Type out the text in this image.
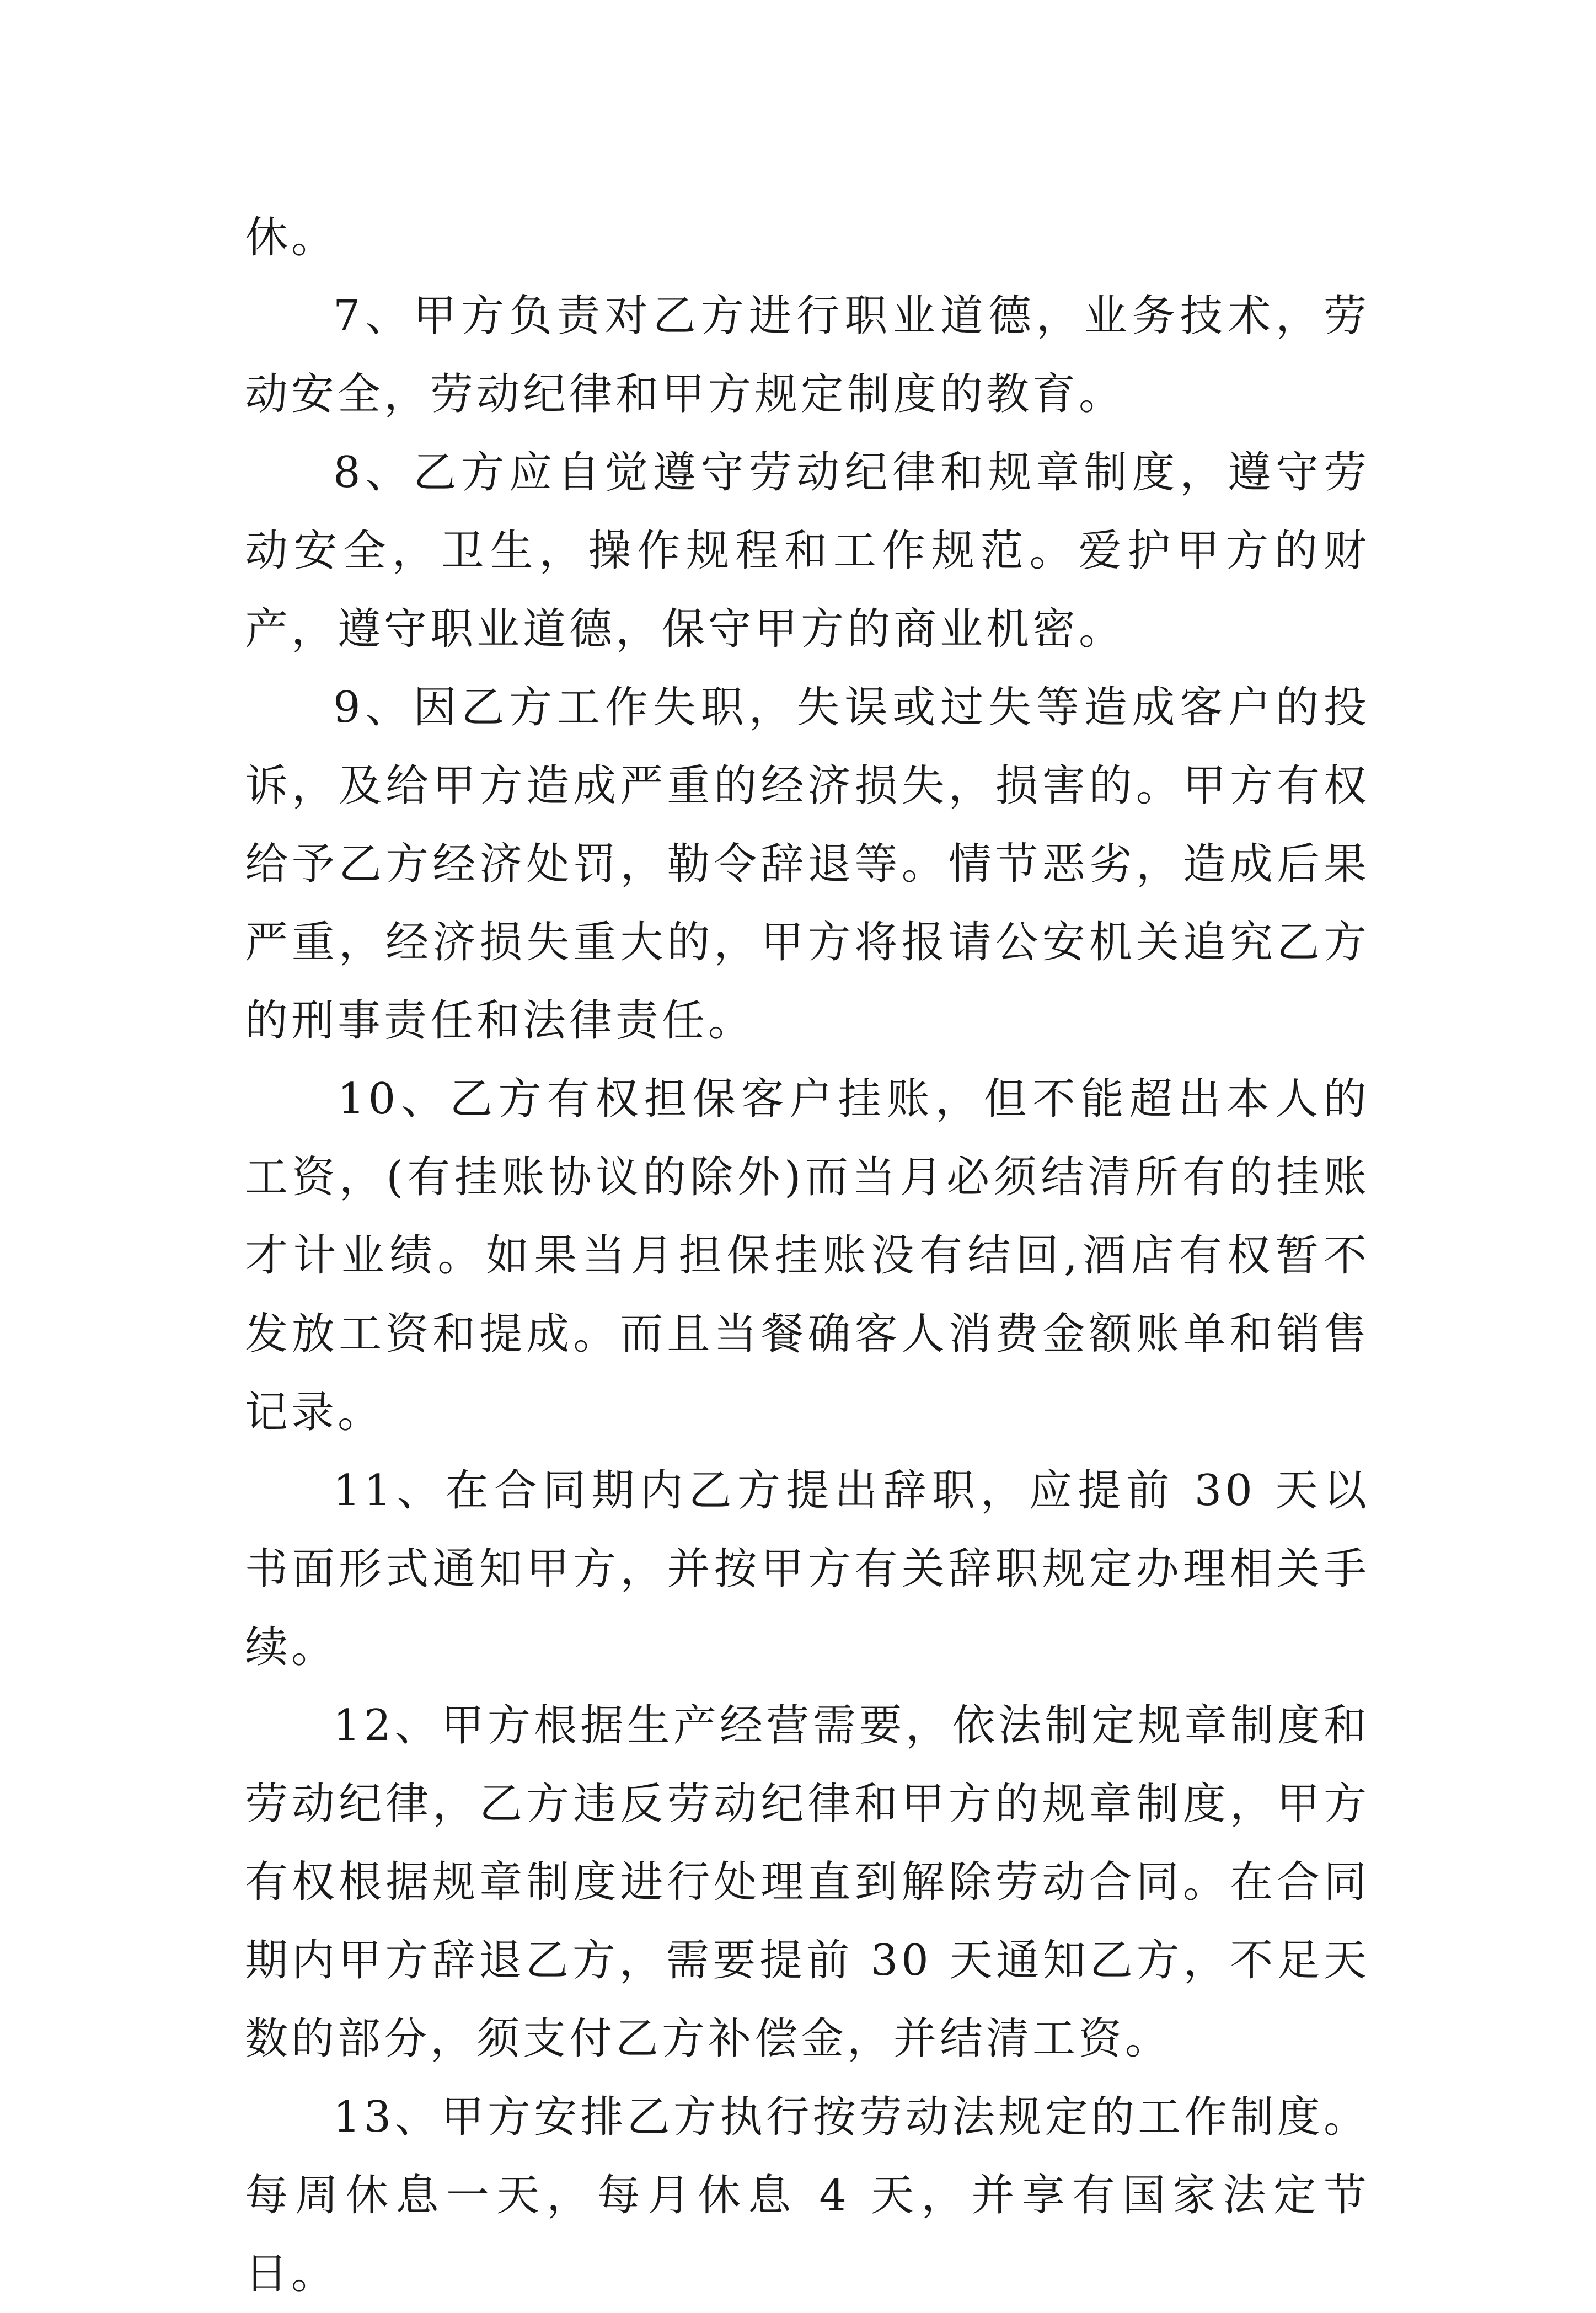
休。

7、甲方负责对乙方进行职业道德，业务技术，劳动安全，劳动纪律和甲方规定制度的教育。

8、乙方应自觉遵守劳动纪律和规章制度，遵守劳动安全，卫生，操作规程和工作规范。爱护甲方的财产，遵守职业道德，保守甲方的商业机密。

9、因乙方工作失职，失误或过失等造成客户的投诉，及给甲方造成严重的经济损失，损害的。甲方有权给予乙方经济处罚，勒令辞退等。情节恶劣，造成后果严重，经济损失重大的，甲方将报请公安机关追究乙方的刑事责任和法律责任。

10、乙方有权担保客户挂账，但不能超出本人的工资，(有挂账协议的除外)而当月必须结清所有的挂账才计业绩。如果当月担保挂账没有结回,酒店有权暂不发放工资和提成。而且当餐确客人消费金额账单和销售记录。

11、在合同期内乙方提出辞职，应提前 30 天以书面形式通知甲方，并按甲方有关辞职规定办理相关手续。

12、甲方根据生产经营需要，依法制定规章制度和劳动纪律，乙方违反劳动纪律和甲方的规章制度，甲方有权根据规章制度进行处理直到解除劳动合同。在合同期内甲方辞退乙方，需要提前 30 天通知乙方，不足天数的部分，须支付乙方补偿金，并结清工资。

13、甲方安排乙方执行按劳动法规定的工作制度。每周休息一天，每月休息 4 天，并享有国家法定节日。
